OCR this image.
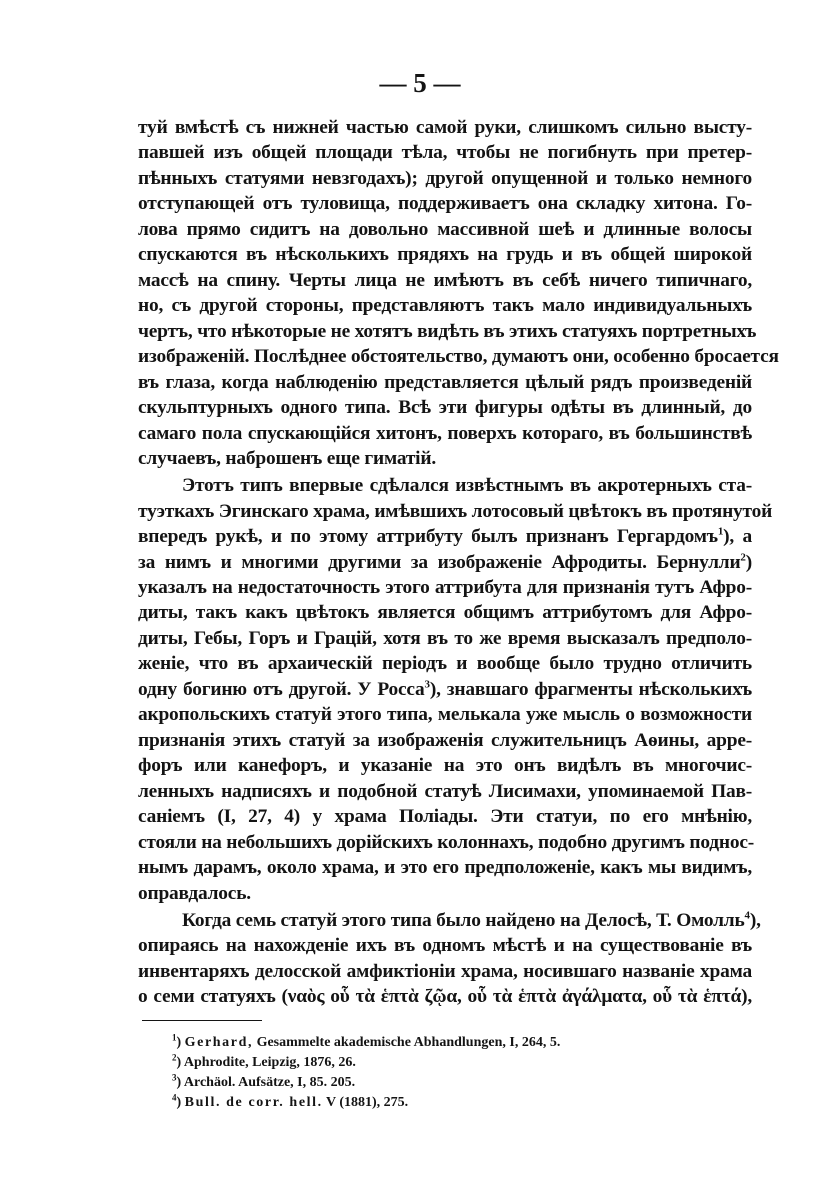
— 5 —
туй вмѣстѣ съ нижней частью самой руки, слишкомъ сильно высту-
павшей изъ общей площади тѣла, чтобы не погибнуть при претер-
пѣнныхъ статуями невзгодахъ); другой опущенной и только немного
отступающей отъ туловища, поддерживаетъ она складку хитона. Го-
лова прямо сидитъ на довольно массивной шеѣ и длинные волосы
спускаются въ нѣсколькихъ прядяхъ на грудь и въ общей широкой
массѣ на спину. Черты лица не имѣютъ въ себѣ ничего типичнаго,
но, съ другой стороны, представляютъ такъ мало индивидуальныхъ
чертъ, что нѣкоторые не хотятъ видѣть въ этихъ статуяхъ портретныхъ
изображеній. Послѣднее обстоятельство, думаютъ они, особенно бросается
въ глаза, когда наблюденію представляется цѣлый рядъ произведеній
скульптурныхъ одного типа. Всѣ эти фигуры одѣты въ длинный, до
самаго пола спускающійся хитонъ, поверхъ котораго, въ большинствѣ
случаевъ, наброшенъ еще гиматій.
Этотъ типъ впервые сдѣлался извѣстнымъ въ акротерныхъ ста-
туэткахъ Эгинскаго храма, имѣвшихъ лотосовый цвѣтокъ въ протянутой
впередъ рукѣ, и по этому аттрибуту былъ признанъ Гергардомъ$^1$), а
за нимъ и многими другими за изображеніе Афродиты. Бернулли$^2$)
указалъ на недостаточность этого аттрибута для признанія тутъ Афро-
диты, такъ какъ цвѣтокъ является общимъ аттрибутомъ для Афро-
диты, Гебы, Горъ и Грацій, хотя въ то же время высказалъ предполо-
женіе, что въ архаическій періодъ и вообще было трудно отличить
одну богиню отъ другой. У Росса$^3$), знавшаго фрагменты нѣсколькихъ
акропольскихъ статуй этого типа, мелькала уже мысль о возможности
признанія этихъ статуй за изображенія служительницъ Аѳины, арре-
форъ или канефоръ, и указаніе на это онъ видѣлъ въ многочис-
ленныхъ надписяхъ и подобной статуѣ Лисимахи, упоминаемой Пав-
саніемъ (I, 27, 4) у храма Поліады. Эти статуи, по его мнѣнію,
стояли на небольшихъ дорійскихъ колоннахъ, подобно другимъ поднос-
нымъ дарамъ, около храма, и это его предположеніе, какъ мы видимъ,
оправдалось.
Когда семь статуй этого типа было найдено на Делосѣ, Т. Омолль$^4$),
опираясь на нахожденіе ихъ въ одномъ мѣстѣ и на существованіе въ
инвентаряхъ делосской амфиктіоніи храма, носившаго названіе храма
о семи статуяхъ (ναὸς οὗ τὰ ἑπτὰ ζῷα, οὗ τὰ ἑπτὰ ἀγάλματα, οὗ τὰ ἑπτά),
$^1$) Gerhard, Gesammelte akademische Abhandlungen, I, 264, 5.
$^2$) Aphrodite, Leipzig, 1876, 26.
$^3$) Archäol. Aufsätze, I, 85. 205.
$^4$) Bull. de corr. hell. V (1881), 275.
